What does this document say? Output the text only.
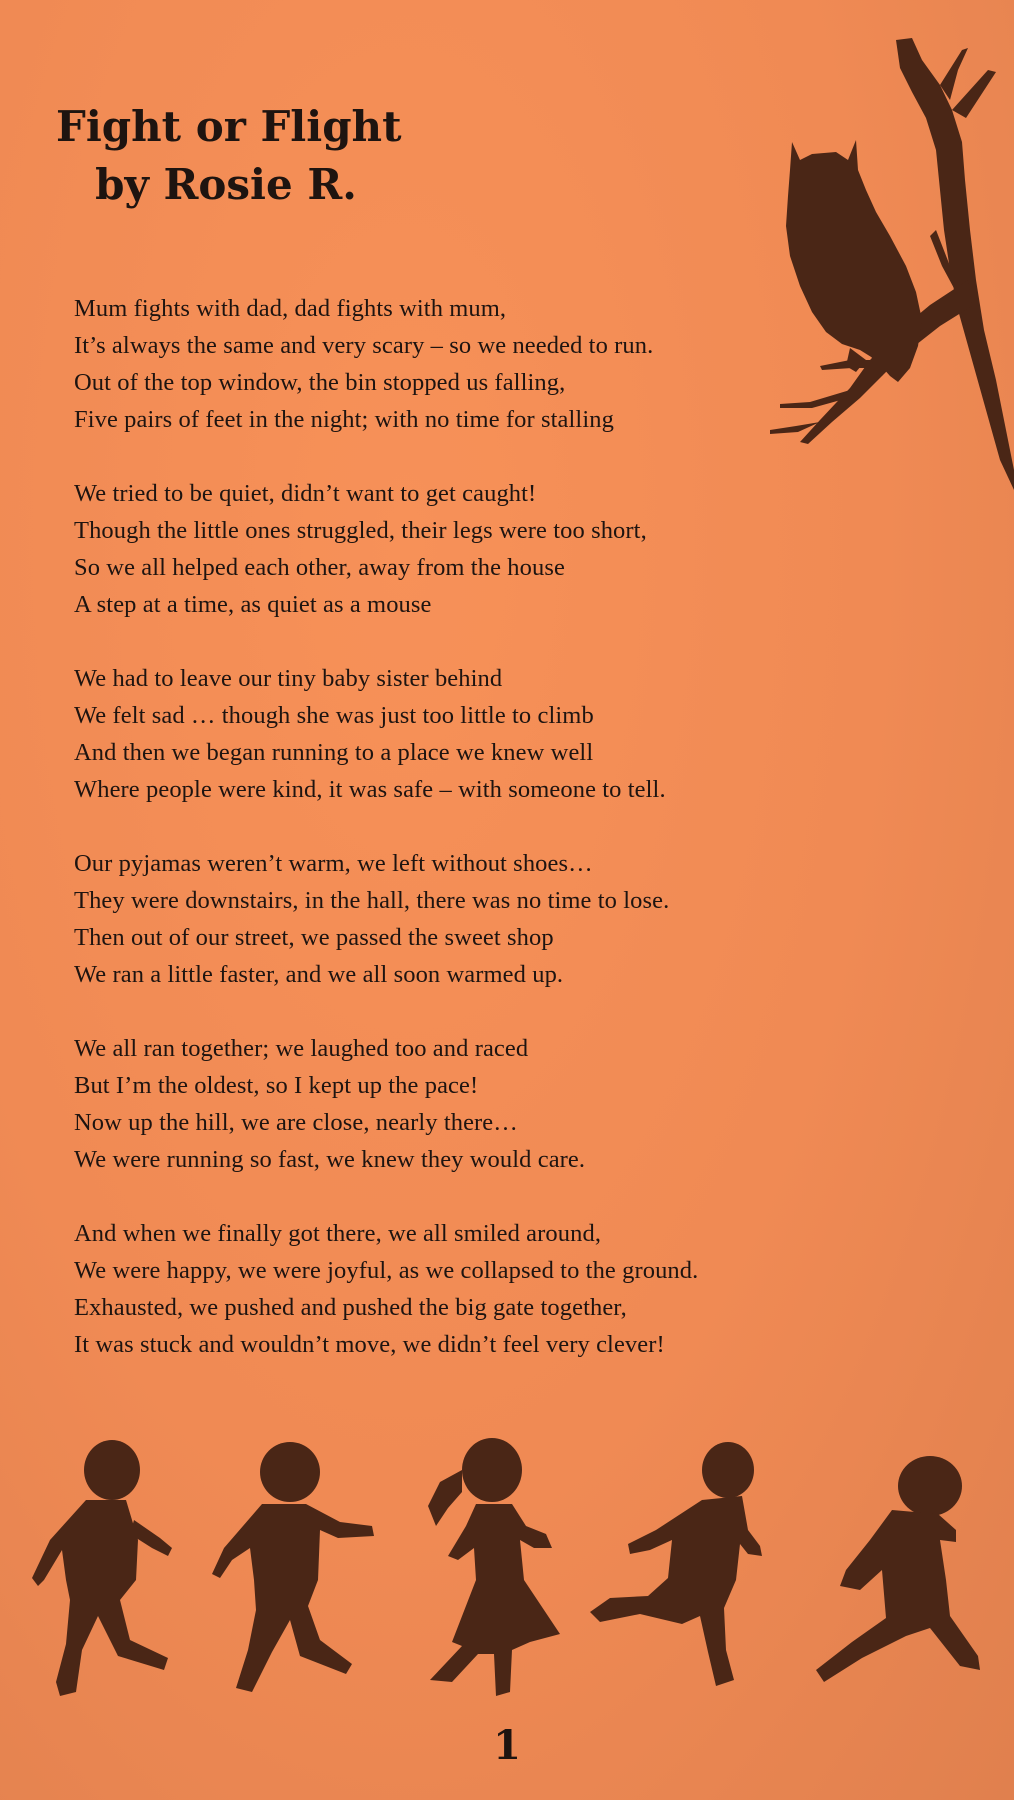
Fight or Flight
by Rosie R.
Mum fights with dad, dad fights with mum,
It’s always the same and very scary – so we needed to run.
Out of the top window, the bin stopped us falling,
Five pairs of feet in the night; with no time for stalling
We tried to be quiet, didn’t want to get caught!
Though the little ones struggled, their legs were too short,
So we all helped each other, away from the house
A step at a time, as quiet as a mouse
We had to leave our tiny baby sister behind
We felt sad … though she was just too little to climb
And then we began running to a place we knew well
Where people were kind, it was safe – with someone to tell.
Our pyjamas weren’t warm, we left without shoes…
They were downstairs, in the hall, there was no time to lose.
Then out of our street, we passed the sweet shop
We ran a little faster, and we all soon warmed up.
We all ran together; we laughed too and raced
But I’m the oldest, so I kept up the pace!
Now up the hill, we are close, nearly there…
We were running so fast, we knew they would care.
And when we finally got there, we all smiled around,
We were happy, we were joyful, as we collapsed to the ground.
Exhausted, we pushed and pushed the big gate together,
It was stuck and wouldn’t move, we didn’t feel very clever!
1
